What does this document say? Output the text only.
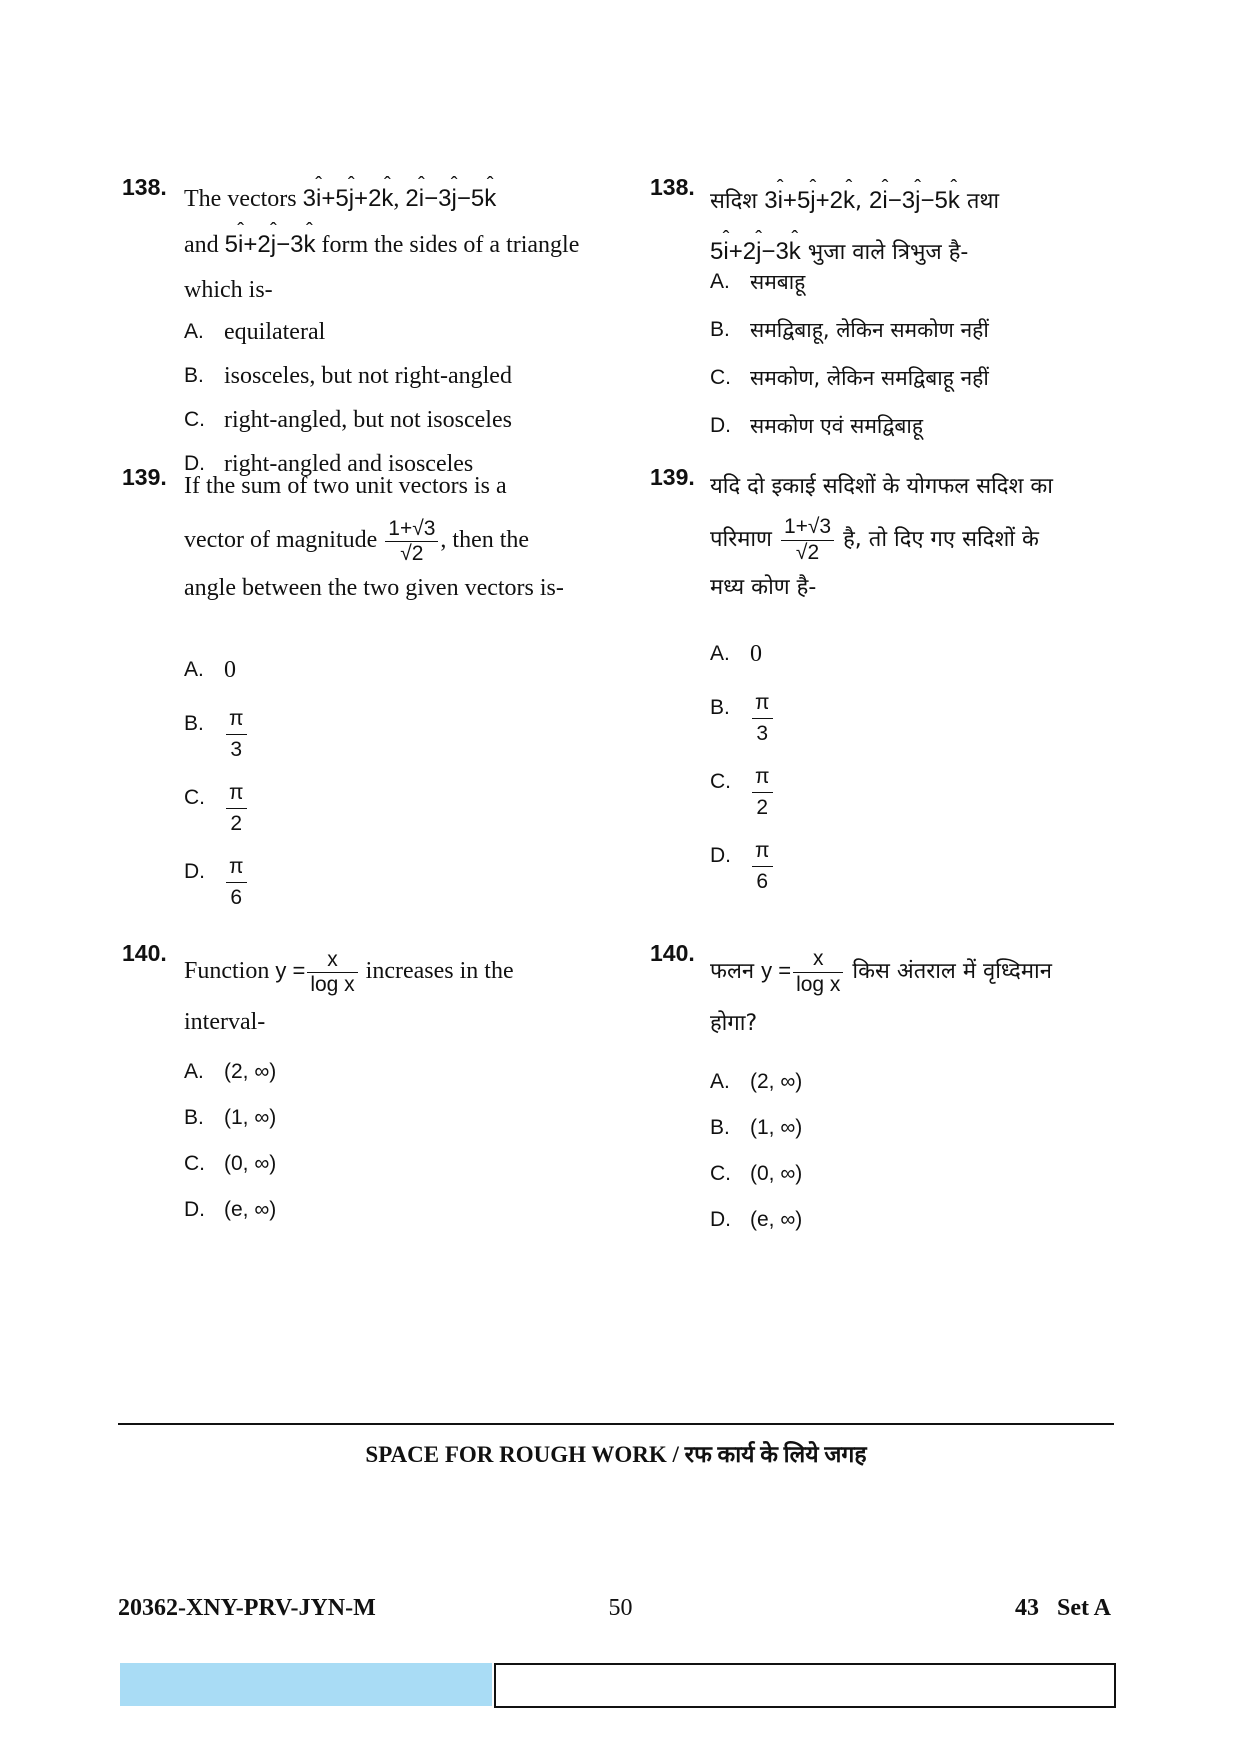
138. The vectors 3ˆ i+5ˆ j+2ˆ k, 2ˆ i−3ˆ j−5ˆ k
and 5ˆ i+2ˆ j−3ˆ k form the sides of a triangle which is-
A. equilateral
B. isosceles, but not right-angled
C. right-angled, but not isosceles
D. right-angled and isosceles
139. If the sum of two unit vectors is a
vector of magnitude $\frac{1+√3}{√2}$ , then the
angle between the two given vectors is-
A. 0
B.	$\frac{\pi}{3}$
C.	$\frac{\pi}{2}$
D.	$\frac{\pi}{6}$
140.
Function $y = \frac{x}{\text{log x}}$ increases in the
interval-
A. (2, ∞)
B. (1, ∞)
C. (0, ∞)
D. (e, ∞)
138.
सदिश 3ˆ i+5ˆ j+2ˆ k, 2ˆ i−3ˆ j−5ˆ k तथा
5ˆ i+2ˆ j−3ˆ k भुजा वाले त्रिभुज है-
A. समबाहू
B. समद्विबाहू, लेकिन समकोण नहीं
C. समकोण, लेकिन समद्विबाहू नहीं
D. समकोण एवं समद्विबाहू
139. यदि दो इकाई सदिशों के योगफल सदिश का
परिमाण $\frac{1+√3}{√2}$ है, तो दिए गए सदिशों के
मध्य कोण है-
A. 0
B.	$\frac{\pi}{3}$
C.	$\frac{\pi}{2}$
D.	$\frac{\pi}{6}$
140.
फलन $y = \frac{x}{\text{log x}}$ किस अंतराल में वृध्दिमान
होगा?
A. (2, ∞)
B. (1, ∞)
C. (0, ∞)
D. (e, ∞)
SPACE FOR ROUGH WORK / रफ कार्य के लिये जगह
20362-XNY-PRV-JYN-M	50	43   Set A
